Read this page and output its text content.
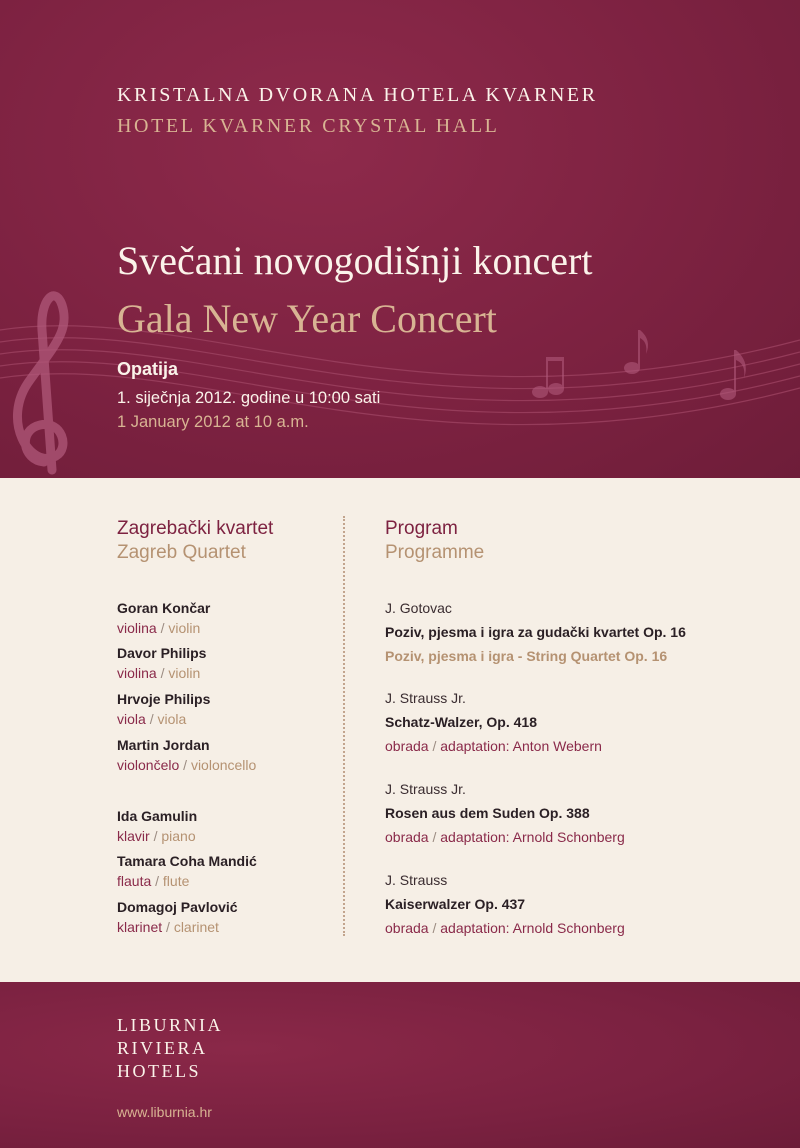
KRISTALNA DVORANA HOTELA KVARNER

HOTEL KVARNER CRYSTAL HALL

Svečani novogodišnji koncert
Gala New Year Concert

Opatija

1. siječnja 2012. godine u 10:00 sati

1 January 2012 at 10 a.m.

Zagrebački kvartet

Zagreb Quartet

Goran Končar
violina / violin
Davor Philips
violina / violin
Hrvoje Philips
viola / viola
Martin Jordan
violončelo / violoncello
Ida Gamulin
klavir / piano
Tamara Coha Mandić
flauta / flute
Domagoj Pavlović
klarinet / clarinet

Program

Programme

J. Gotovac
Poziv, pjesma i igra za gudački kvartet Op. 16
Poziv, pjesma i igra - String Quartet Op. 16
J. Strauss Jr.
Schatz-Walzer, Op. 418
obrada / adaptation: Anton Webern
J. Strauss Jr.
Rosen aus dem Suden Op. 388
obrada / adaptation: Arnold Schonberg
J. Strauss
Kaiserwalzer Op. 437
obrada / adaptation: Arnold Schonberg
LIBURNIA
RIVIERA
HOTELS

www.liburnia.hr
